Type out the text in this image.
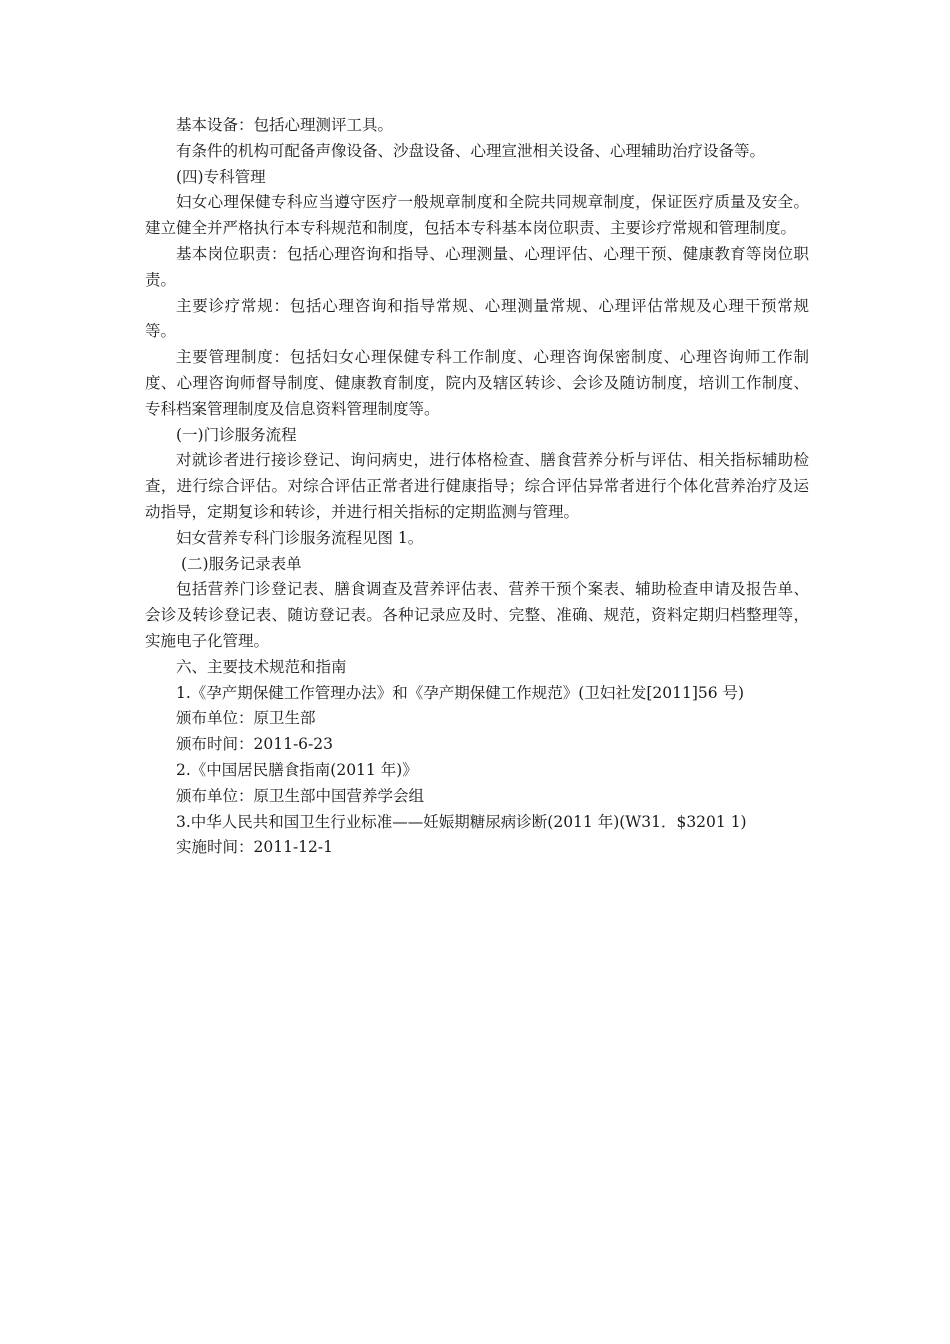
基本设备：包括心理测评工具。

有条件的机构可配备声像设备、沙盘设备、心理宣泄相关设备、心理辅助治疗设备等。

(四)专科管理

妇女心理保健专科应当遵守医疗一般规章制度和全院共同规章制度，保证医疗质量及安全。建立健全并严格执行本专科规范和制度，包括本专科基本岗位职责、主要诊疗常规和管理制度。

基本岗位职责：包括心理咨询和指导、心理测量、心理评估、心理干预、健康教育等岗位职责。

主要诊疗常规：包括心理咨询和指导常规、心理测量常规、心理评估常规及心理干预常规等。

主要管理制度：包括妇女心理保健专科工作制度、心理咨询保密制度、心理咨询师工作制度、心理咨询师督导制度、健康教育制度，院内及辖区转诊、会诊及随访制度，培训工作制度、专科档案管理制度及信息资料管理制度等。

(一)门诊服务流程

对就诊者进行接诊登记、询问病史，进行体格检查、膳食营养分析与评估、相关指标辅助检查，进行综合评估。对综合评估正常者进行健康指导；综合评估异常者进行个体化营养治疗及运动指导，定期复诊和转诊，并进行相关指标的定期监测与管理。

妇女营养专科门诊服务流程见图 1。

(二)服务记录表单

包括营养门诊登记表、膳食调查及营养评估表、营养干预个案表、辅助检查申请及报告单、会诊及转诊登记表、随访登记表。各种记录应及时、完整、准确、规范，资料定期归档整理等，实施电子化管理。

六、主要技术规范和指南

1.《孕产期保健工作管理办法》和《孕产期保健工作规范》(卫妇社发[2011]56 号)

颁布单位：原卫生部

颁布时间：2011-6-23

2.《中国居民膳食指南(2011 年)》

颁布单位：原卫生部中国营养学会组

3.中华人民共和国卫生行业标准——妊娠期糖尿病诊断(2011 年)(W31．$3201 1)

实施时间：2011-12-1
